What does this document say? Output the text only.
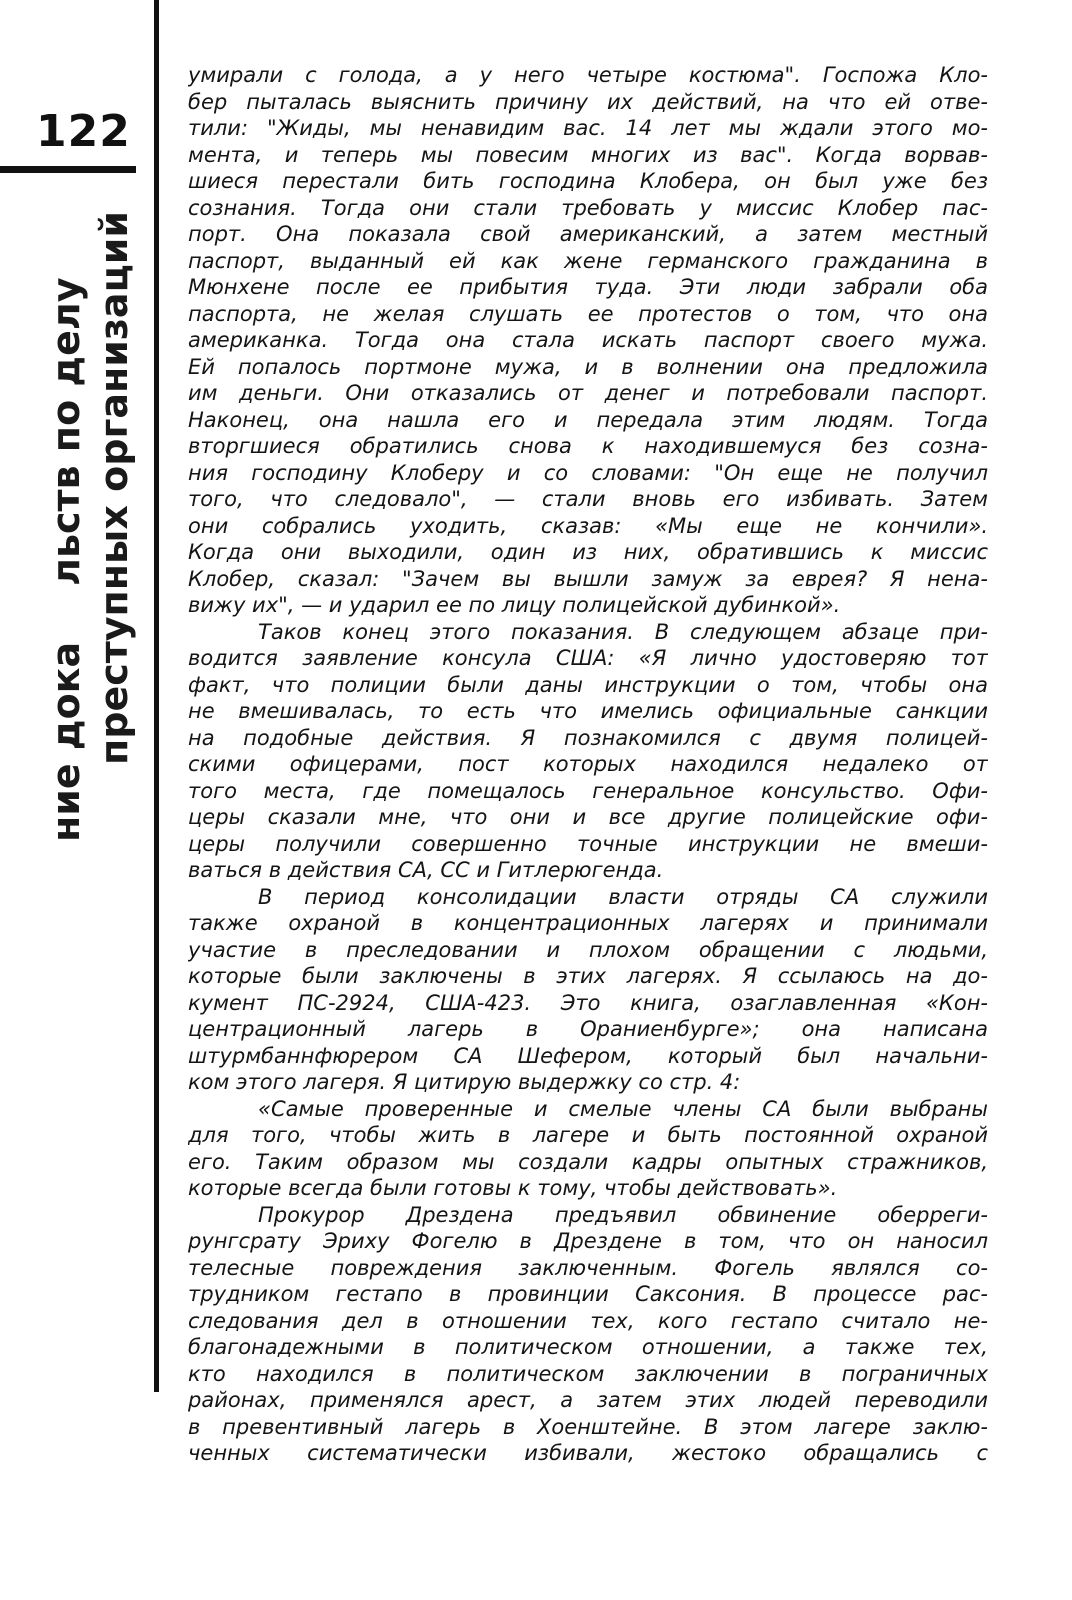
122
ние докальств по делу преступных организаций
умирали с голода, а у него четыре костюма". Госпожа Кло-
бер пыталась выяснить причину их действий, на что ей отве-
тили: "Жиды, мы ненавидим вас. 14 лет мы ждали этого мо-
мента, и теперь мы повесим многих из вас". Когда ворвав-
шиеся перестали бить господина Клобера, он был уже без
сознания. Тогда они стали требовать у миссис Клобер пас-
порт. Она показала свой американский, а затем местный
паспорт, выданный ей как жене германского гражданина в
Мюнхене после ее прибытия туда. Эти люди забрали оба
паспорта, не желая слушать ее протестов о том, что она
американка. Тогда она стала искать паспорт своего мужа.
Ей попалось портмоне мужа, и в волнении она предложила
им деньги. Они отказались от денег и потребовали паспорт.
Наконец, она нашла его и передала этим людям. Тогда
вторгшиеся обратились снова к находившемуся без созна-
ния господину Клоберу и со словами: "Он еще не получил
того, что следовало", — стали вновь его избивать. Затем
они собрались уходить, сказав: «Мы еще не кончили».
Когда они выходили, один из них, обратившись к миссис
Клобер, сказал: "Зачем вы вышли замуж за еврея? Я нена-
вижу их", — и ударил ее по лицу полицейской дубинкой».
Таков конец этого показания. В следующем абзаце при-
водится заявление консула США: «Я лично удостоверяю тот
факт, что полиции были даны инструкции о том, чтобы она
не вмешивалась, то есть что имелись официальные санкции
на подобные действия. Я познакомился с двумя полицей-
скими офицерами, пост которых находился недалеко от
того места, где помещалось генеральное консульство. Офи-
церы сказали мне, что они и все другие полицейские офи-
церы получили совершенно точные инструкции не вмеши-
ваться в действия СА, СС и Гитлерюгенда.
В период консолидации власти отряды СА служили
также охраной в концентрационных лагерях и принимали
участие в преследовании и плохом обращении с людьми,
которые были заключены в этих лагерях. Я ссылаюсь на до-
кумент ПС-2924, США-423. Это книга, озаглавленная «Кон-
центрационный лагерь в Ораниенбурге»; она написана
штурмбаннфюрером СА Шефером, который был начальни-
ком этого лагеря. Я цитирую выдержку со стр. 4:
«Самые проверенные и смелые члены СА были выбраны
для того, чтобы жить в лагере и быть постоянной охраной
его. Таким образом мы создали кадры опытных стражников,
которые всегда были готовы к тому, чтобы действовать».
Прокурор Дрездена предъявил обвинение оберреги-
рунгсрату Эриху Фогелю в Дрездене в том, что он наносил
телесные повреждения заключенным. Фогель являлся со-
трудником гестапо в провинции Саксония. В процессе рас-
следования дел в отношении тех, кого гестапо считало не-
благонадежными в политическом отношении, а также тех,
кто находился в политическом заключении в пограничных
районах, применялся арест, а затем этих людей переводили
в превентивный лагерь в Хоенштейне. В этом лагере заклю-
ченных систематически избивали, жестоко обращались с
